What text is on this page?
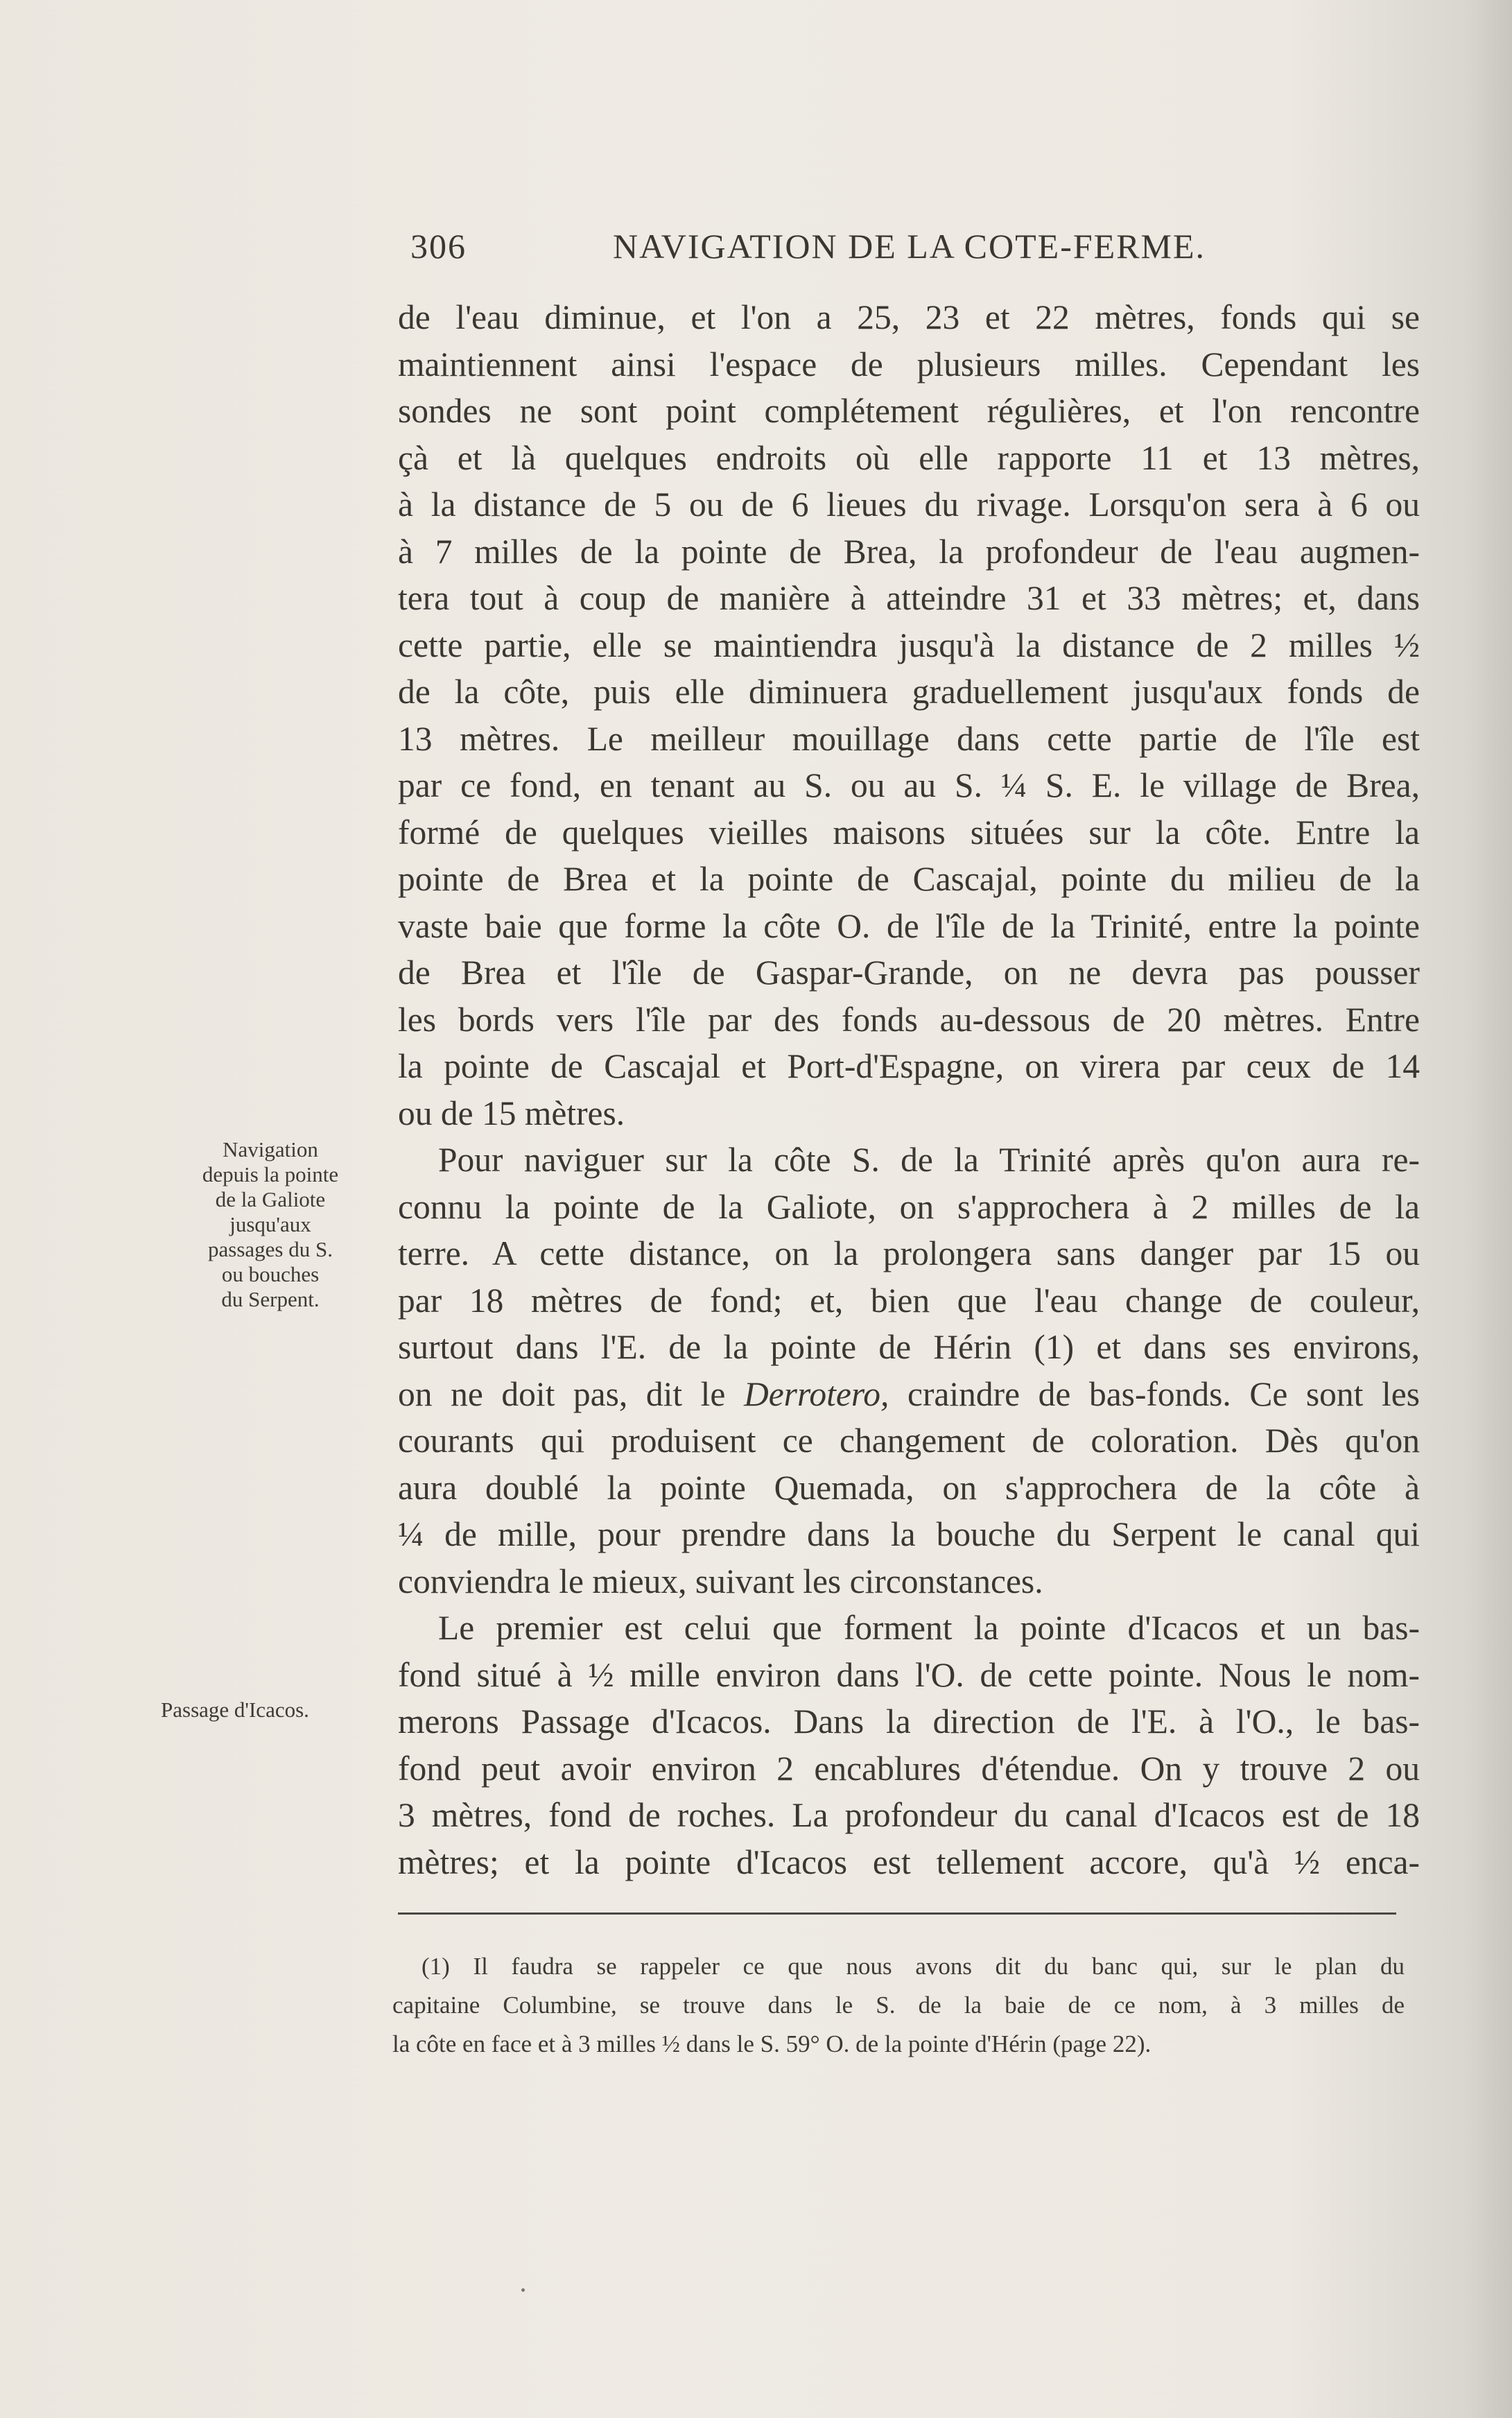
306	NAVIGATION DE LA COTE-FERME.
de l'eau diminue, et l'on a 25, 23 et 22 mètres, fonds qui se
maintiennent ainsi l'espace de plusieurs milles. Cependant les
sondes ne sont point complétement régulières, et l'on rencontre
çà et là quelques endroits où elle rapporte 11 et 13 mètres,
à la distance de 5 ou de 6 lieues du rivage. Lorsqu'on sera à 6 ou
à 7 milles de la pointe de Brea, la profondeur de l'eau augmen-
tera tout à coup de manière à atteindre 31 et 33 mètres; et, dans
cette partie, elle se maintiendra jusqu'à la distance de 2 milles ½
de la côte, puis elle diminuera graduellement jusqu'aux fonds de
13 mètres. Le meilleur mouillage dans cette partie de l'île est
par ce fond, en tenant au S. ou au S. ¼ S. E. le village de Brea,
formé de quelques vieilles maisons situées sur la côte. Entre la
pointe de Brea et la pointe de Cascajal, pointe du milieu de la
vaste baie que forme la côte O. de l'île de la Trinité, entre la pointe
de Brea et l'île de Gaspar-Grande, on ne devra pas pousser
les bords vers l'île par des fonds au-dessous de 20 mètres. Entre
la pointe de Cascajal et Port-d'Espagne, on virera par ceux de 14
ou de 15 mètres.
Pour naviguer sur la côte S. de la Trinité après qu'on aura re-
connu la pointe de la Galiote, on s'approchera à 2 milles de la
terre. A cette distance, on la prolongera sans danger par 15 ou
par 18 mètres de fond; et, bien que l'eau change de couleur,
surtout dans l'E. de la pointe de Hérin (1) et dans ses environs,
on ne doit pas, dit le Derrotero, craindre de bas-fonds. Ce sont les
courants qui produisent ce changement de coloration. Dès qu'on
aura doublé la pointe Quemada, on s'approchera de la côte à
¼ de mille, pour prendre dans la bouche du Serpent le canal qui
conviendra le mieux, suivant les circonstances.
Le premier est celui que forment la pointe d'Icacos et un bas-
fond situé à ½ mille environ dans l'O. de cette pointe. Nous le nom-
merons Passage d'Icacos. Dans la direction de l'E. à l'O., le bas-
fond peut avoir environ 2 encablures d'étendue. On y trouve 2 ou
3 mètres, fond de roches. La profondeur du canal d'Icacos est de 18
mètres; et la pointe d'Icacos est tellement accore, qu'à ½ enca-
Navigation
depuis la pointe
de la Galiote
jusqu'aux
passages du S.
ou bouches
du Serpent.
Passage d'Icacos.
(1) Il faudra se rappeler ce que nous avons dit du banc qui, sur le plan du
capitaine Columbine, se trouve dans le S. de la baie de ce nom, à 3 milles de
la côte en face et à 3 milles ½ dans le S. 59° O. de la pointe d'Hérin (page 22).
